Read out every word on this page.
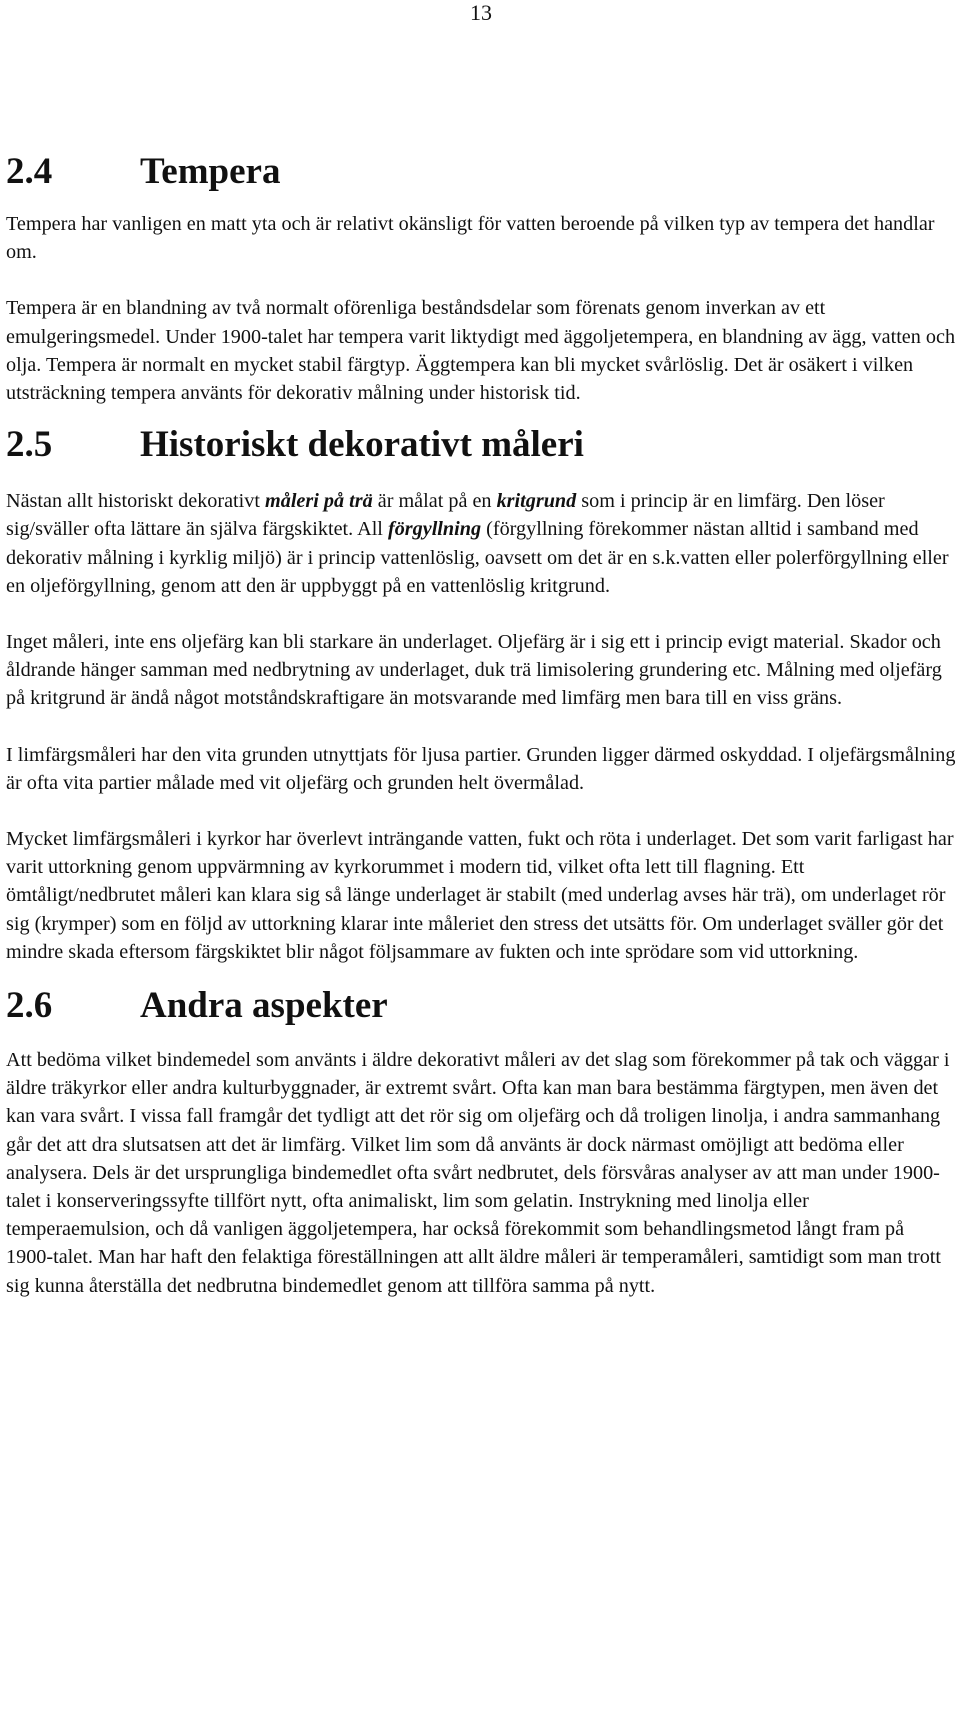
13
2.4	Tempera

Tempera har vanligen en matt yta och är relativt okänsligt för vatten beroende på vilken typ av tempera det handlar om.

Tempera är en blandning av två normalt oförenliga beståndsdelar som förenats genom inverkan av ett emulgeringsmedel. Under 1900-talet har tempera varit liktydigt med äggoljetempera, en blandning av ägg, vatten och olja. Tempera är normalt en mycket stabil färgtyp. Äggtempera kan bli mycket svårlöslig. Det är osäkert i vilken utsträckning tempera använts för dekorativ målning under historisk tid.

2.5	Historiskt dekorativt måleri

Nästan allt historiskt dekorativt måleri på trä är målat på en kritgrund som i princip är en limfärg. Den löser sig/sväller ofta lättare än själva färgskiktet. All förgyllning (förgyllning förekommer nästan alltid i samband med dekorativ målning i kyrklig miljö) är i princip vattenlöslig, oavsett om det är en s.k.vatten eller polerförgyllning eller en oljeförgyllning, genom att den är uppbyggt på en vattenlöslig kritgrund.

Inget måleri, inte ens oljefärg kan bli starkare än underlaget. Oljefärg är i sig ett i princip evigt material. Skador och åldrande hänger samman med nedbrytning av underlaget, duk trä limisolering grundering etc. Målning med oljefärg på kritgrund är ändå något motståndskraftigare än motsvarande med limfärg men bara till en viss gräns.

I limfärgsmåleri har den vita grunden utnyttjats för ljusa partier. Grunden ligger därmed oskyddad. I oljefärgsmålning är ofta vita partier målade med vit oljefärg och grunden helt övermålad.

Mycket limfärgsmåleri i kyrkor har överlevt inträngande vatten, fukt och röta i underlaget. Det som varit farligast har varit uttorkning genom uppvärmning av kyrkorummet i modern tid, vilket ofta lett till flagning. Ett ömtåligt/nedbrutet måleri kan klara sig så länge underlaget är stabilt (med underlag avses här trä), om underlaget rör sig (krymper) som en följd av uttorkning klarar inte måleriet den stress det utsätts för. Om underlaget sväller gör det mindre skada eftersom färgskiktet blir något följsammare av fukten och inte sprödare som vid uttorkning.

2.6	Andra aspekter

Att bedöma vilket bindemedel som använts i äldre dekorativt måleri av det slag som förekommer på tak och väggar i äldre träkyrkor eller andra kulturbyggnader, är extremt svårt. Ofta kan man bara bestämma färgtypen, men även det kan vara svårt. I vissa fall framgår det tydligt att det rör sig om oljefärg och då troligen linolja, i andra sammanhang går det att dra slutsatsen att det är limfärg. Vilket lim som då använts är dock närmast omöjligt att bedöma eller analysera. Dels är det ursprungliga bindemedlet ofta svårt nedbrutet, dels försvåras analyser av att man under 1900-talet i konserveringssyfte tillfört nytt, ofta animaliskt, lim som gelatin. Instrykning med linolja eller temperaemulsion, och då vanligen äggoljetempera, har också förekommit som behandlingsmetod långt fram på 1900-talet. Man har haft den felaktiga föreställningen att allt äldre måleri är temperamåleri, samtidigt som man trott sig kunna återställa det nedbrutna bindemedlet genom att tillföra samma på nytt.
